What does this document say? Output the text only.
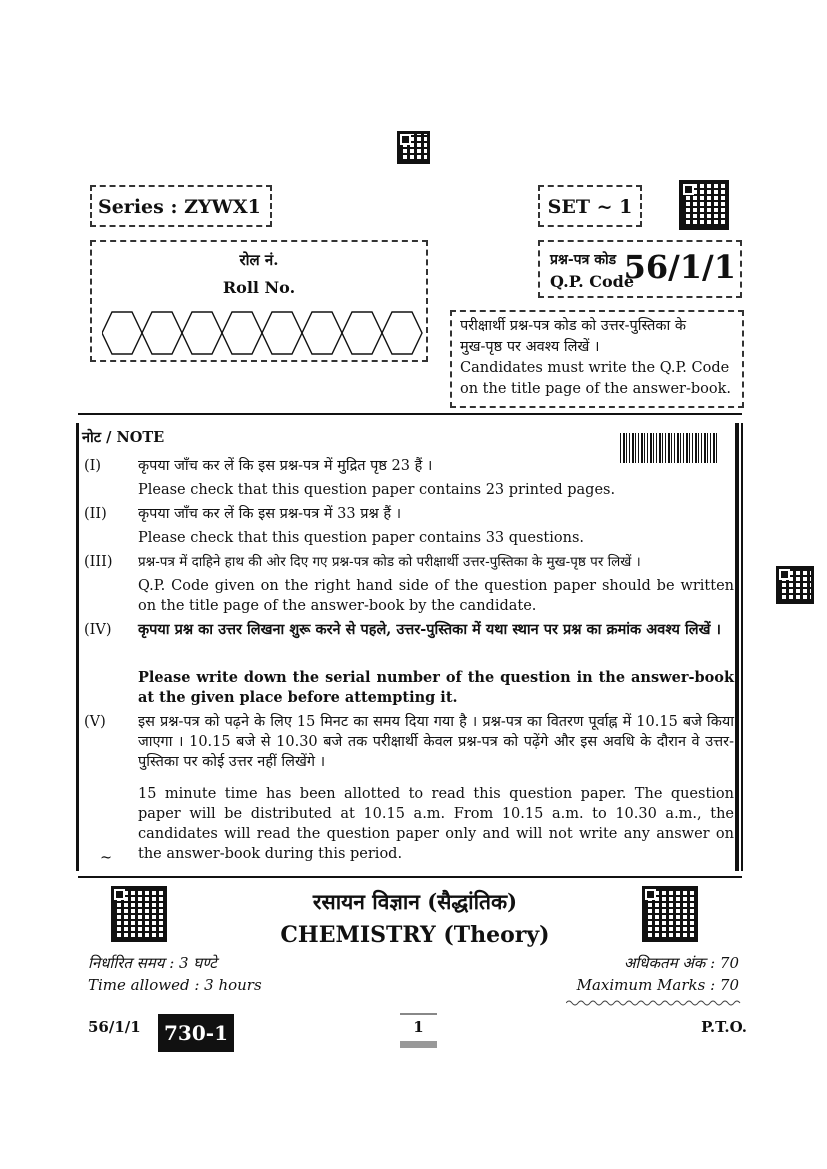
Series : ZYWX1	SET ~ 1
रोल नं.
Roll No.
प्रश्न-पत्र कोड
Q.P. Code
56/1/1
परीक्षार्थी प्रश्न-पत्र कोड को उत्तर-पुस्तिका के
मुख-पृष्ठ पर अवश्य लिखें ।
Candidates must write the Q.P. Code
on the title page of the answer-book.
नोट / NOTE
(I)	कृपया जाँच कर लें कि इस प्रश्न-पत्र में मुद्रित पृष्ठ 23 हैं ।
Please check that this question paper contains 23 printed pages.
(II) कृपया जाँच कर लें कि इस प्रश्न-पत्र में 33 प्रश्न हैं ।
Please check that this question paper contains 33 questions.
(III) प्रश्न-पत्र में दाहिने हाथ की ओर दिए गए प्रश्न-पत्र कोड को परीक्षार्थी उत्तर-पुस्तिका के मुख-पृष्ठ पर लिखें ।
Q.P. Code given on the right hand side of the question paper should be written on the title page of the answer-book by the candidate.
(IV) कृपया प्रश्न का उत्तर लिखना शुरू करने से पहले, उत्तर-पुस्तिका में यथा स्थान पर प्रश्न का क्रमांक अवश्य लिखें ।
Please write down the serial number of the question in the answer-book at the given place before attempting it.
(V) इस प्रश्न-पत्र को पढ़ने के लिए 15 मिनट का समय दिया गया है । प्रश्न-पत्र का वितरण पूर्वाह्न में 10.15 बजे किया जाएगा । 10.15 बजे से 10.30 बजे तक परीक्षार्थी केवल प्रश्न-पत्र को पढ़ेंगे और इस अवधि के दौरान वे उत्तर-पुस्तिका पर कोई उत्तर नहीं लिखेंगे ।
15 minute time has been allotted to read this question paper. The question paper will be distributed at 10.15 a.m. From 10.15 a.m. to 10.30 a.m., the candidates will read the question paper only and will not write any answer on the answer-book during this period.
~
रसायन विज्ञान (सैद्धांतिक)
CHEMISTRY (Theory)
निर्धारित समय : 3 घण्टे
Time allowed : 3 hours
अधिकतम अंक : 70
Maximum Marks : 70
56/1/1	730-1	1	P.T.O.
